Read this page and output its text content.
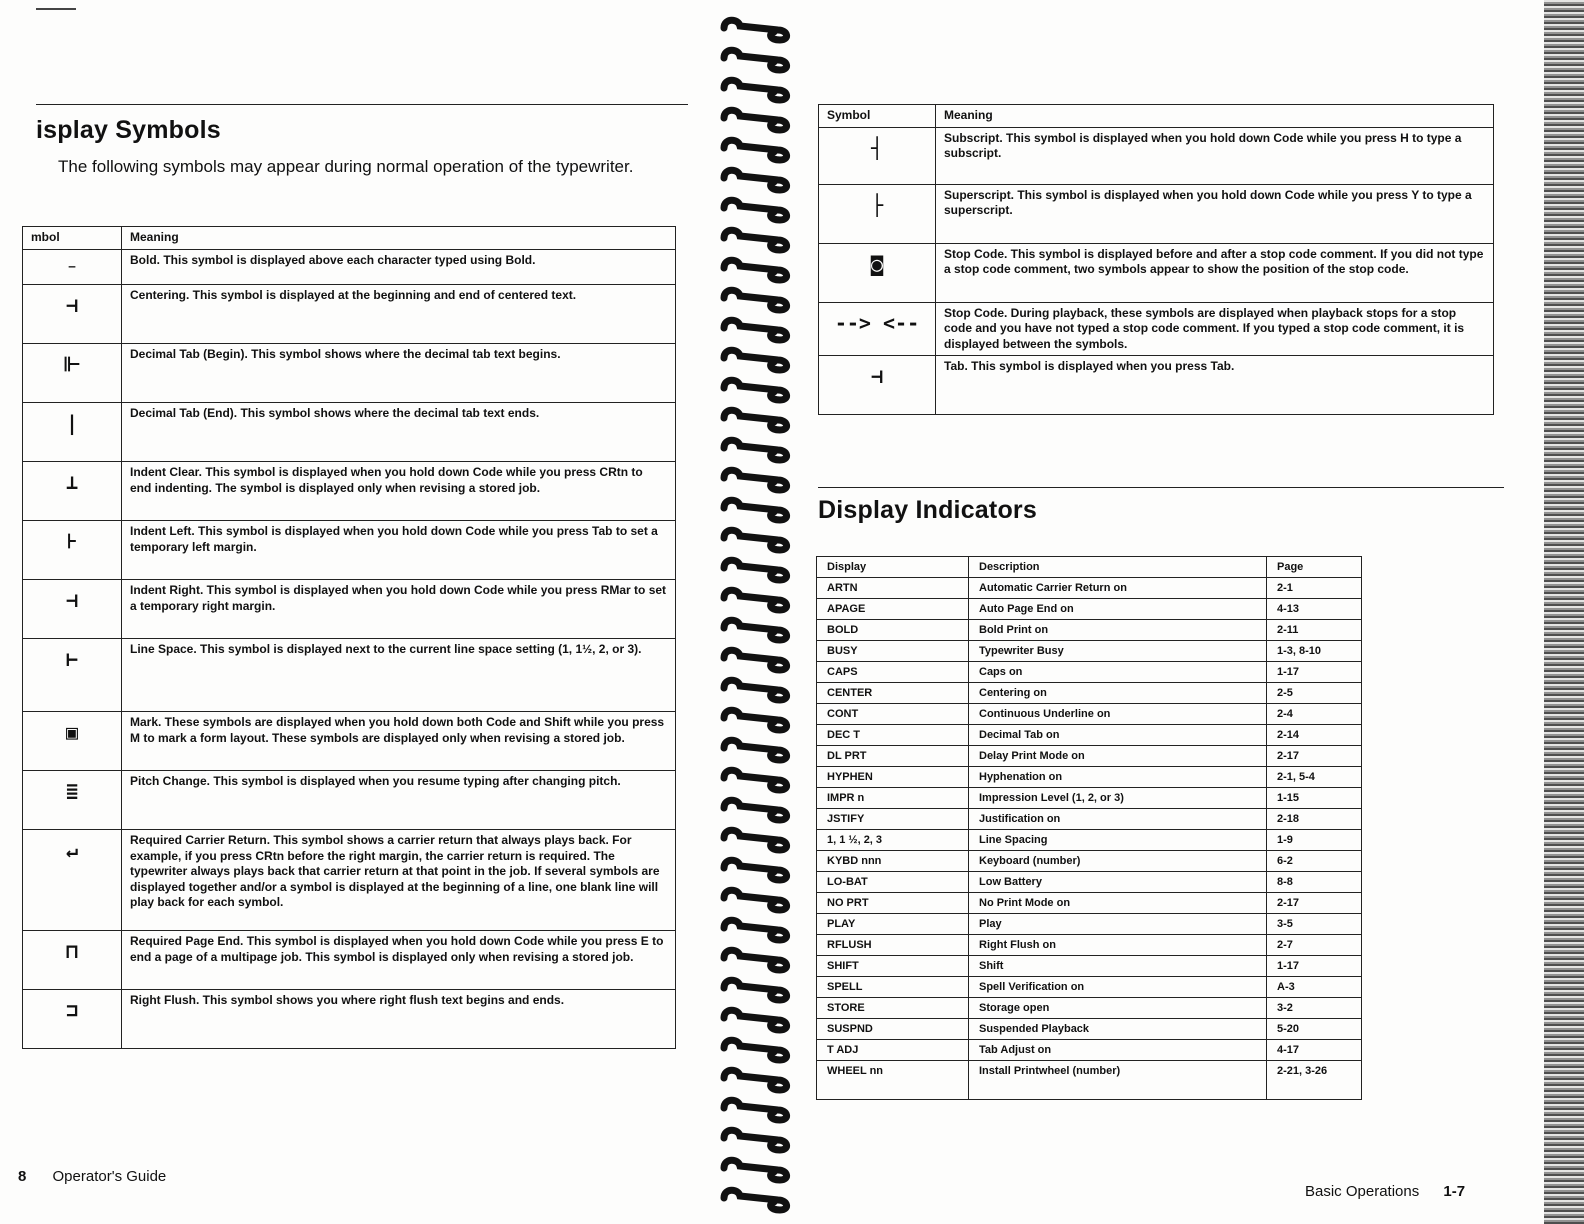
isplay Symbols
The following symbols may appear during normal operation of the typewriter.
mbol	Meaning
⁻	Bold. This symbol is displayed above each character typed using Bold.
⊣	Centering. This symbol is displayed at the beginning and end of centered text.
⊩	Decimal Tab (Begin). This symbol shows where the decimal tab text begins.
|	Decimal Tab (End). This symbol shows where the decimal tab text ends.
⊥	Indent Clear. This symbol is displayed when you hold down Code while you press CRtn to end indenting. The symbol is displayed only when revising a stored job.
⊦	Indent Left. This symbol is displayed when you hold down Code while you press Tab to set a temporary left margin.
⊣	Indent Right. This symbol is displayed when you hold down Code while you press RMar to set a temporary right margin.
⊢	Line Space. This symbol is displayed next to the current line space setting (1, 1½, 2, or 3).
▣	Mark. These symbols are displayed when you hold down both Code and Shift while you press M to mark a form layout. These symbols are displayed only when revising a stored job.
≣	Pitch Change. This symbol is displayed when you resume typing after changing pitch.
↵	Required Carrier Return. This symbol shows a carrier return that always plays back. For example, if you press CRtn before the right margin, the carrier return is required. The typewriter always plays back that carrier return at that point in the job. If several symbols are displayed together and/or a symbol is displayed at the beginning of a line, one blank line will play back for each symbol.
⊓	Required Page End. This symbol is displayed when you hold down Code while you press E to end a page of a multipage job. This symbol is displayed only when revising a stored job.
⊐	Right Flush. This symbol shows you where right flush text begins and ends.
8 Operator's Guide
Symbol	Meaning
┤	Subscript. This symbol is displayed when you hold down Code while you press H to type a subscript.
├	Superscript. This symbol is displayed when you hold down Code while you press Y to type a superscript.
◙	Stop Code. This symbol is displayed before and after a stop code comment. If you did not type a stop code comment, two symbols appear to show the position of the stop code.
--> <--	Stop Code. During playback, these symbols are displayed when playback stops for a stop code and you have not typed a stop code comment. If you typed a stop code comment, it is displayed between the symbols.
⊣	Tab. This symbol is displayed when you press Tab.
Display Indicators
Display	Description	Page
ARTN	Automatic Carrier Return on	2-1
APAGE	Auto Page End on	4-13
BOLD	Bold Print on	2-11
BUSY	Typewriter Busy	1-3, 8-10
CAPS	Caps on	1-17
CENTER	Centering on	2-5
CONT	Continuous Underline on	2-4
DEC T	Decimal Tab on	2-14
DL PRT	Delay Print Mode on	2-17
HYPHEN	Hyphenation on	2-1, 5-4
IMPR n	Impression Level (1, 2, or 3)	1-15
JSTIFY	Justification on	2-18
1, 1 ½, 2, 3	Line Spacing	1-9
KYBD nnn	Keyboard (number)	6-2
LO-BAT	Low Battery	8-8
NO PRT	No Print Mode on	2-17
PLAY	Play	3-5
RFLUSH	Right Flush on	2-7
SHIFT	Shift	1-17
SPELL	Spell Verification on	A-3
STORE	Storage open	3-2
SUSPND	Suspended Playback	5-20
T ADJ	Tab Adjust on	4-17
WHEEL nn	Install Printwheel (number)	2-21, 3-26
Basic Operations 1-7
